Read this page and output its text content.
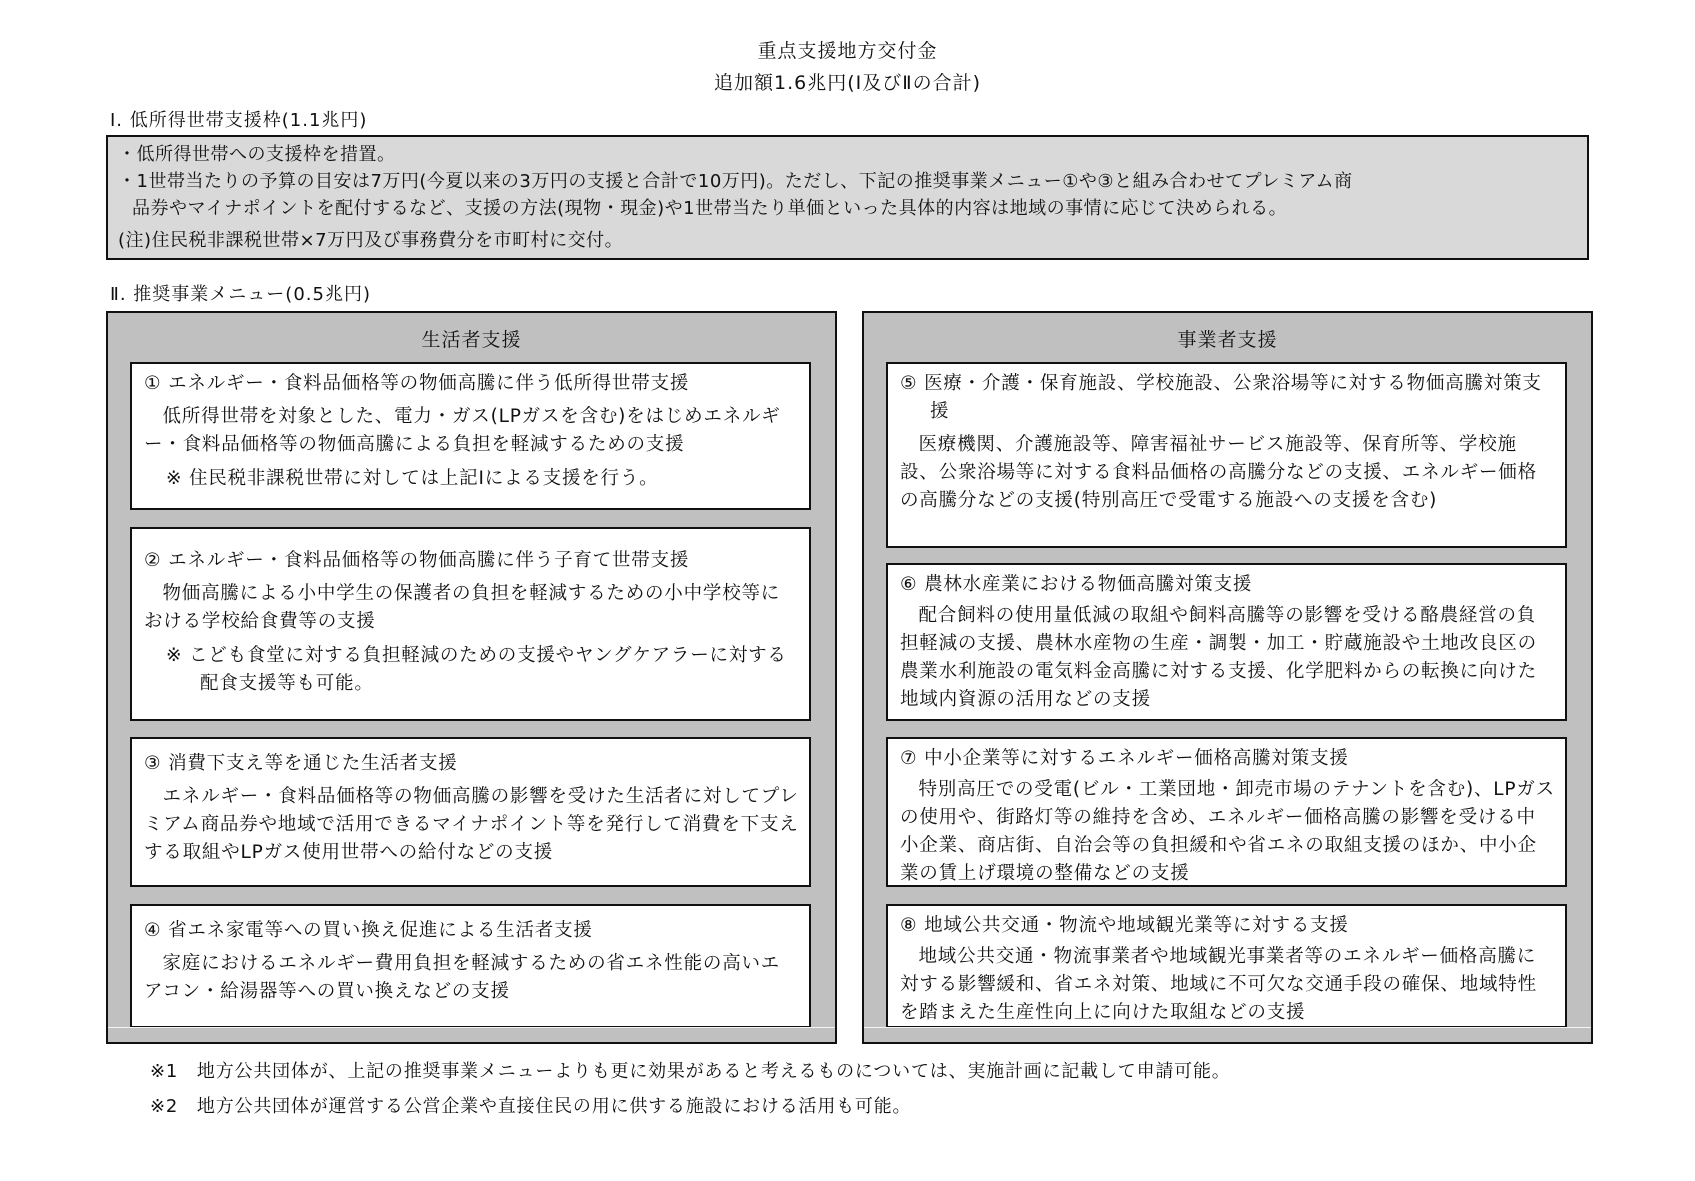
重点支援地方交付金
追加額1.6兆円(Ⅰ及びⅡの合計)
Ⅰ. 低所得世帯支援枠(1.1兆円)
・低所得世帯への支援枠を措置。
・1世帯当たりの予算の目安は7万円(今夏以来の3万円の支援と合計で10万円)。ただし、下記の推奨事業メニュー①や③と組み合わせてプレミアム商
品券やマイナポイントを配付するなど、支援の方法(現物・現金)や1世帯当たり単価といった具体的内容は地域の事情に応じて決められる。
(注)住民税非課税世帯×7万円及び事務費分を市町村に交付。
Ⅱ. 推奨事業メニュー(0.5兆円)
生活者支援
① エネルギー・食料品価格等の物価高騰に伴う低所得世帯支援
低所得世帯を対象とした、電力・ガス(LPガスを含む)をはじめエネルギー・食料品価格等の物価高騰による負担を軽減するための支援
※ 住民税非課税世帯に対しては上記Ⅰによる支援を行う。
② エネルギー・食料品価格等の物価高騰に伴う子育て世帯支援
物価高騰による小中学生の保護者の負担を軽減するための小中学校等における学校給食費等の支援
※ こども食堂に対する負担軽減のための支援やヤングケアラーに対する配食支援等も可能。
③ 消費下支え等を通じた生活者支援
エネルギー・食料品価格等の物価高騰の影響を受けた生活者に対してプレミアム商品券や地域で活用できるマイナポイント等を発行して消費を下支えする取組やLPガス使用世帯への給付などの支援
④ 省エネ家電等への買い換え促進による生活者支援
家庭におけるエネルギー費用負担を軽減するための省エネ性能の高いエアコン・給湯器等への買い換えなどの支援
事業者支援
⑤ 医療・介護・保育施設、学校施設、公衆浴場等に対する物価高騰対策支援
医療機関、介護施設等、障害福祉サービス施設等、保育所等、学校施設、公衆浴場等に対する食料品価格の高騰分などの支援、エネルギー価格の高騰分などの支援(特別高圧で受電する施設への支援を含む)
⑥ 農林水産業における物価高騰対策支援
配合飼料の使用量低減の取組や飼料高騰等の影響を受ける酪農経営の負担軽減の支援、農林水産物の生産・調製・加工・貯蔵施設や土地改良区の農業水利施設の電気料金高騰に対する支援、化学肥料からの転換に向けた地域内資源の活用などの支援
⑦ 中小企業等に対するエネルギー価格高騰対策支援
特別高圧での受電(ビル・工業団地・卸売市場のテナントを含む)、LPガスの使用や、街路灯等の維持を含め、エネルギー価格高騰の影響を受ける中小企業、商店街、自治会等の負担緩和や省エネの取組支援のほか、中小企業の賃上げ環境の整備などの支援
⑧ 地域公共交通・物流や地域観光業等に対する支援
地域公共交通・物流事業者や地域観光事業者等のエネルギー価格高騰に対する影響緩和、省エネ対策、地域に不可欠な交通手段の確保、地域特性を踏まえた生産性向上に向けた取組などの支援
※1　地方公共団体が、上記の推奨事業メニューよりも更に効果があると考えるものについては、実施計画に記載して申請可能。
※2　地方公共団体が運営する公営企業や直接住民の用に供する施設における活用も可能。
